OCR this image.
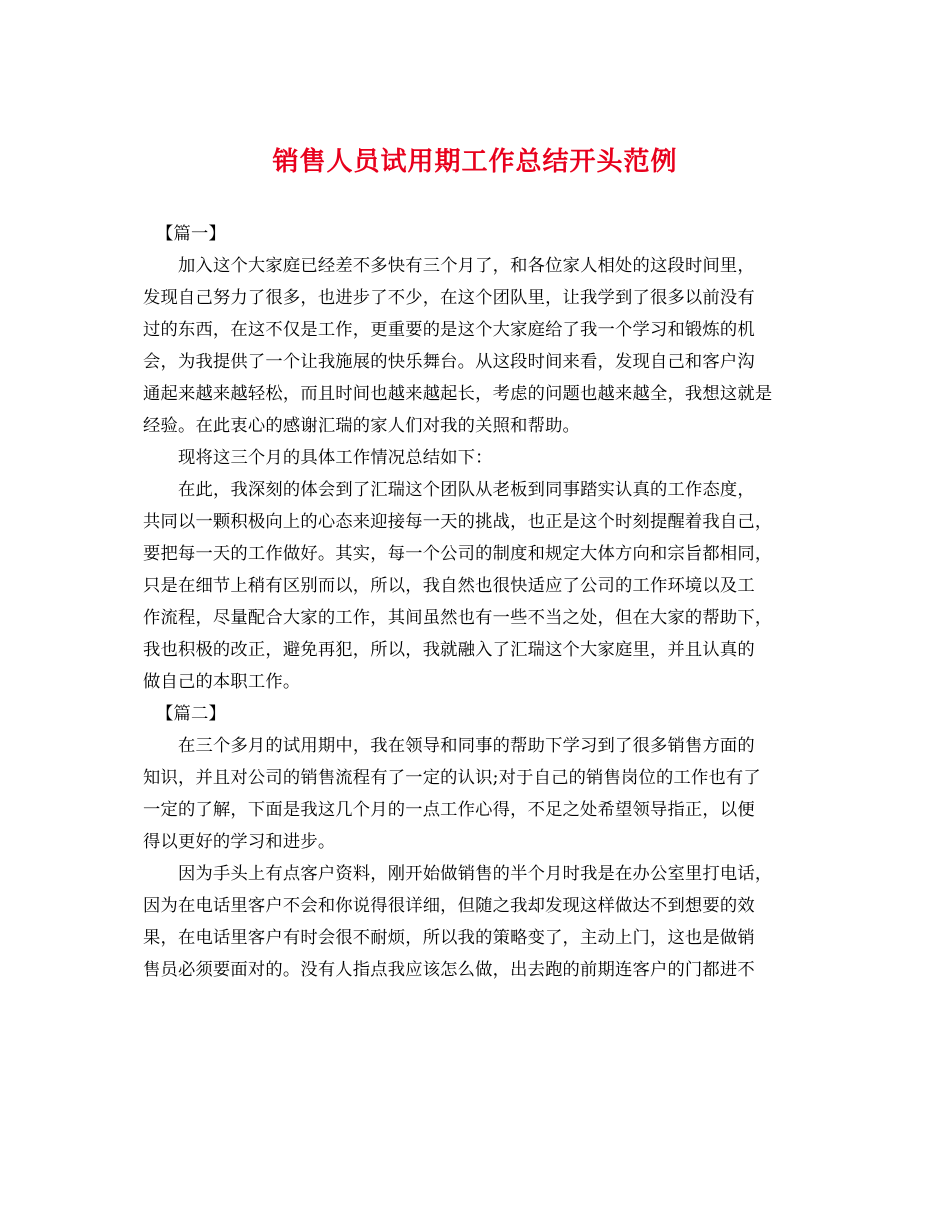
销售人员试用期工作总结开头范例
【篇一】
加入这个大家庭已经差不多快有三个月了，和各位家人相处的这段时间里，
发现自己努力了很多，也进步了不少，在这个团队里，让我学到了很多以前没有
过的东西，在这不仅是工作，更重要的是这个大家庭给了我一个学习和锻炼的机
会，为我提供了一个让我施展的快乐舞台。从这段时间来看，发现自己和客户沟
通起来越来越轻松，而且时间也越来越起长，考虑的问题也越来越全，我想这就是
经验。在此衷心的感谢汇瑞的家人们对我的关照和帮助。
现将这三个月的具体工作情况总结如下：
在此，我深刻的体会到了汇瑞这个团队从老板到同事踏实认真的工作态度，
共同以一颗积极向上的心态来迎接每一天的挑战，也正是这个时刻提醒着我自己，
要把每一天的工作做好。其实，每一个公司的制度和规定大体方向和宗旨都相同，
只是在细节上稍有区别而以，所以，我自然也很快适应了公司的工作环境以及工
作流程，尽量配合大家的工作，其间虽然也有一些不当之处，但在大家的帮助下，
我也积极的改正，避免再犯，所以，我就融入了汇瑞这个大家庭里，并且认真的
做自己的本职工作。
【篇二】
在三个多月的试用期中，我在领导和同事的帮助下学习到了很多销售方面的
知识，并且对公司的销售流程有了一定的认识;对于自己的销售岗位的工作也有了
一定的了解，下面是我这几个月的一点工作心得，不足之处希望领导指正，以便
得以更好的学习和进步。
因为手头上有点客户资料，刚开始做销售的半个月时我是在办公室里打电话，
因为在电话里客户不会和你说得很详细，但随之我却发现这样做达不到想要的效
果，在电话里客户有时会很不耐烦，所以我的策略变了，主动上门，这也是做销
售员必须要面对的。没有人指点我应该怎么做，出去跑的前期连客户的门都进不
